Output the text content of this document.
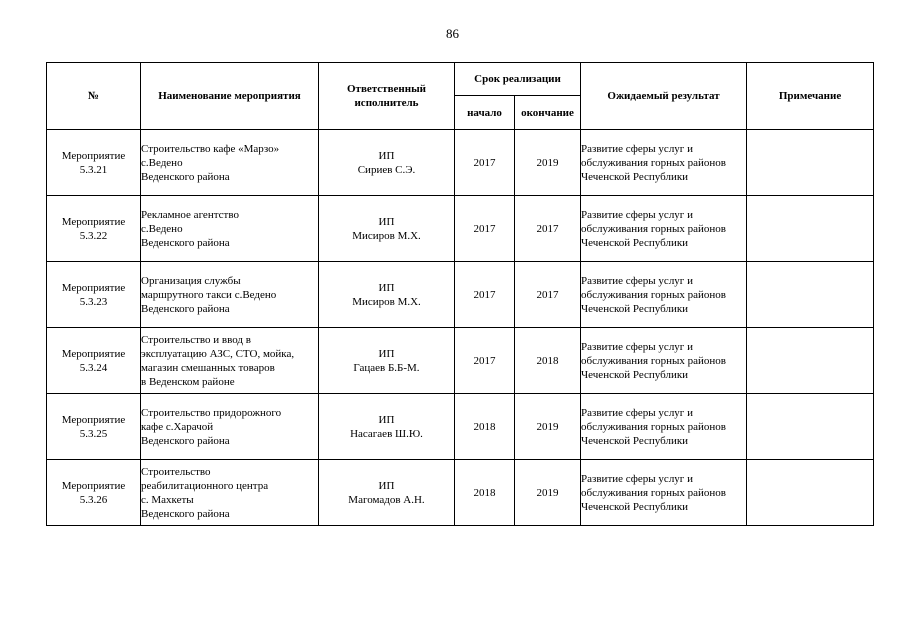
86
№	Наименование мероприятия	Ответственный
исполнитель	Срок реализации		Ожидаемый результат	Примечание
			начало	окончание		

Мероприятие
5.3.21	Строительство кафе «Марзо»
с.Ведено
Веденского района	ИП
Сириев С.Э.	2017	2019	Развитие сферы услуг и
обслуживания горных районов
Чеченской Республики	

Мероприятие
5.3.22	Рекламное агентство
с.Ведено
Веденского района	ИП
Мисиров М.Х.	2017	2017	Развитие сферы услуг и
обслуживания горных районов
Чеченской Республики	

Мероприятие
5.3.23	Организация службы
маршрутного такси с.Ведено
Веденского района	ИП
Мисиров М.Х.	2017	2017	Развитие сферы услуг и
обслуживания горных районов
Чеченской Республики	

Мероприятие
5.3.24	Строительство и ввод в
эксплуатацию АЗС, СТО, мойка,
магазин смешанных товаров
в Веденском районе	ИП
Гацаев Б.Б-М.	2017	2018	Развитие сферы услуг и
обслуживания горных районов
Чеченской Республики	

Мероприятие
5.3.25	Строительство придорожного
кафе с.Харачой
Веденского района	ИП
Насагаев Ш.Ю.	2018	2019	Развитие сферы услуг и
обслуживания горных районов
Чеченской Республики	

Мероприятие
5.3.26	Строительство
реабилитационного центра
с. Махкеты
Веденского района	ИП
Магомадов А.Н.	2018	2019	Развитие сферы услуг и
обслуживания горных районов
Чеченской Республики	
